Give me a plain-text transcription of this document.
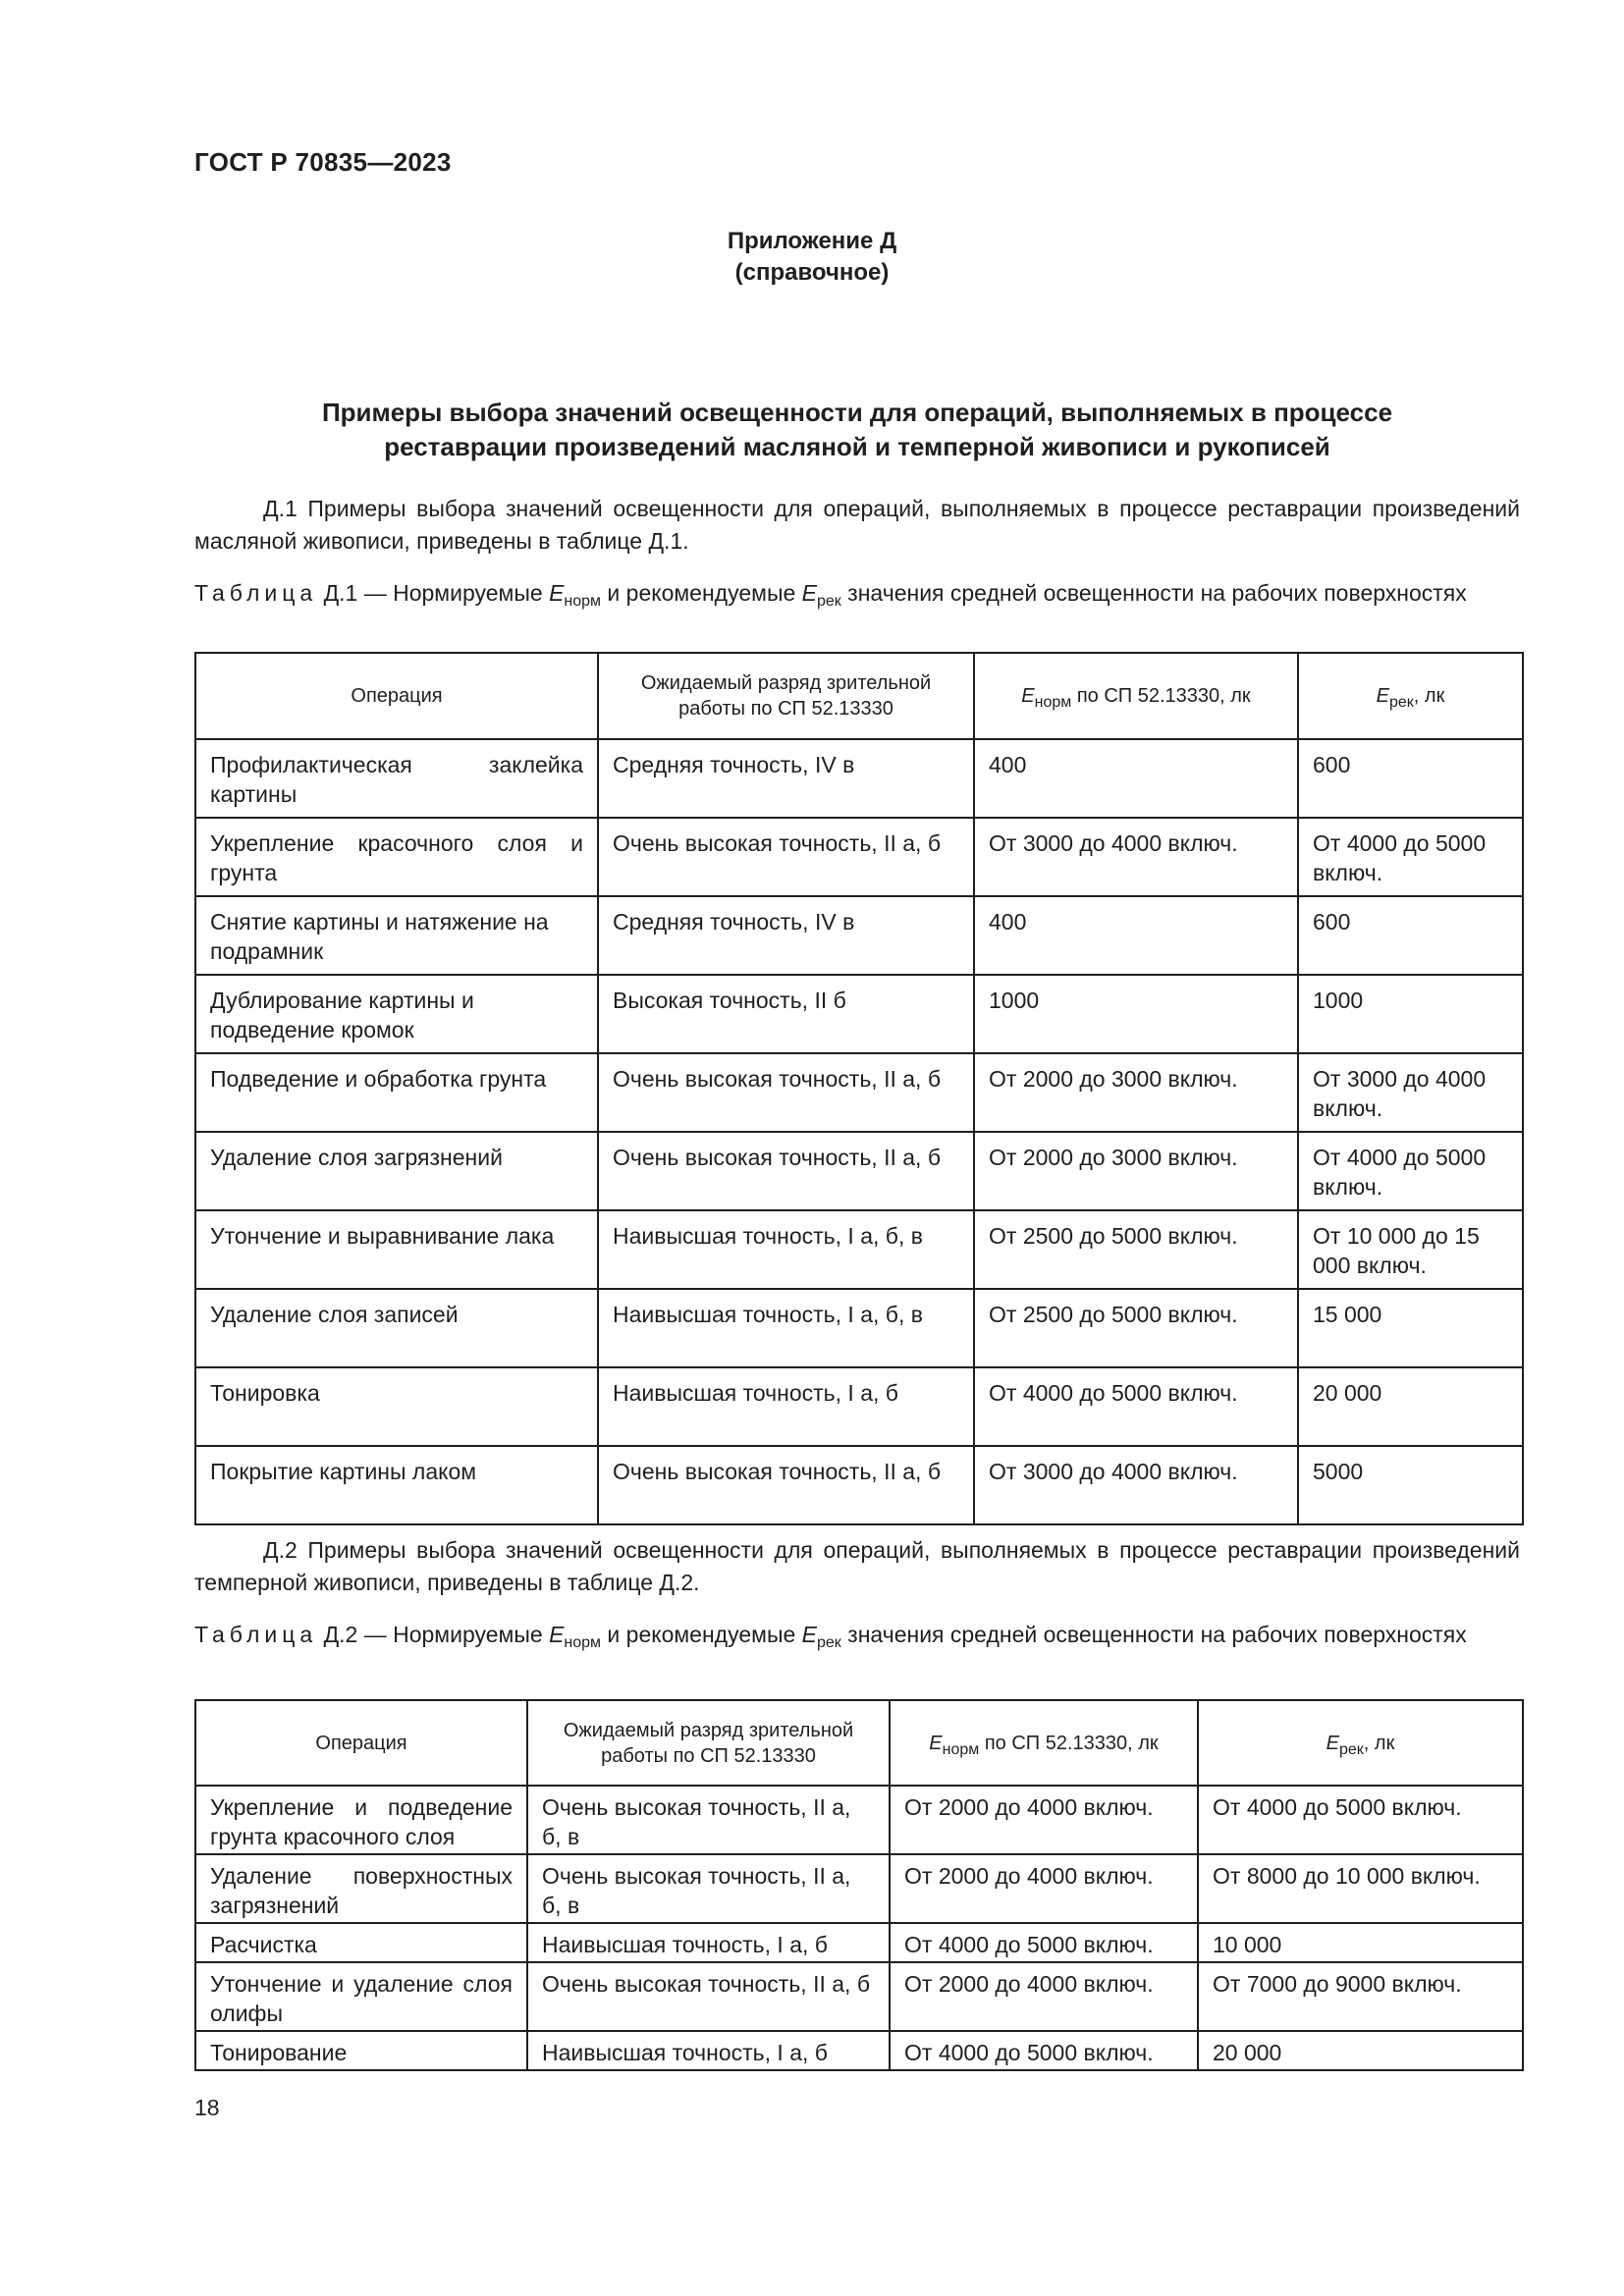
ГОСТ Р 70835—2023
Приложение Д
(справочное)
Примеры выбора значений освещенности для операций, выполняемых в процессе
реставрации произведений масляной и темперной живописи и рукописей
Д.1 Примеры выбора значений освещенности для операций, выполняемых в процессе реставрации произведений масляной живописи, приведены в таблице Д.1.
Таблица Д.1 — Нормируемые $E_{норм}$ и рекомендуемые $E_{рек}$ значения средней освещенности на рабочих поверхностях
Операция	Ожидаемый разряд зрительной работы по СП 52.13330	$E_{норм}$ по СП 52.13330, лк	$E_{рек}$, лк
Профилактическая заклейка картины	Средняя точность, IV в	400	600
Укрепление красочного слоя и грунта	Очень высокая точность, II а, б	От 3000 до 4000 включ.	От 4000 до 5000 включ.
Снятие картины и натяжение на подрамник	Средняя точность, IV в	400	600
Дублирование картины и подведение кромок	Высокая точность, II б	1000	1000
Подведение и обработка грунта	Очень высокая точность, II а, б	От 2000 до 3000 включ.	От 3000 до 4000 включ.
Удаление слоя загрязнений	Очень высокая точность, II а, б	От 2000 до 3000 включ.	От 4000 до 5000 включ.
Утончение и выравнивание лака	Наивысшая точность, I а, б, в	От 2500 до 5000 включ.	От 10 000 до 15 000 включ.
Удаление слоя записей	Наивысшая точность, I а, б, в	От 2500 до 5000 включ.	15 000
Тонировка	Наивысшая точность, I а, б	От 4000 до 5000 включ.	20 000
Покрытие картины лаком	Очень высокая точность, II а, б	От 3000 до 4000 включ.	5000
Д.2 Примеры выбора значений освещенности для операций, выполняемых в процессе реставрации произведений темперной живописи, приведены в таблице Д.2.
Таблица Д.2 — Нормируемые $E_{норм}$ и рекомендуемые $E_{рек}$ значения средней освещенности на рабочих поверхностях
Операция	Ожидаемый разряд зрительной работы по СП 52.13330	$E_{норм}$ по СП 52.13330, лк	$E_{рек}$, лк
Укрепление и подведение грунта красочного слоя	Очень высокая точность, II а, б, в	От 2000 до 4000 включ.	От 4000 до 5000 включ.
Удаление поверхностных загрязнений	Очень высокая точность, II а, б, в	От 2000 до 4000 включ.	От 8000 до 10 000 включ.
Расчистка	Наивысшая точность, I а, б	От 4000 до 5000 включ.	10 000
Утончение и удаление слоя олифы	Очень высокая точность, II а, б	От 2000 до 4000 включ.	От 7000 до 9000 включ.
Тонирование	Наивысшая точность, I а, б	От 4000 до 5000 включ.	20 000
18
